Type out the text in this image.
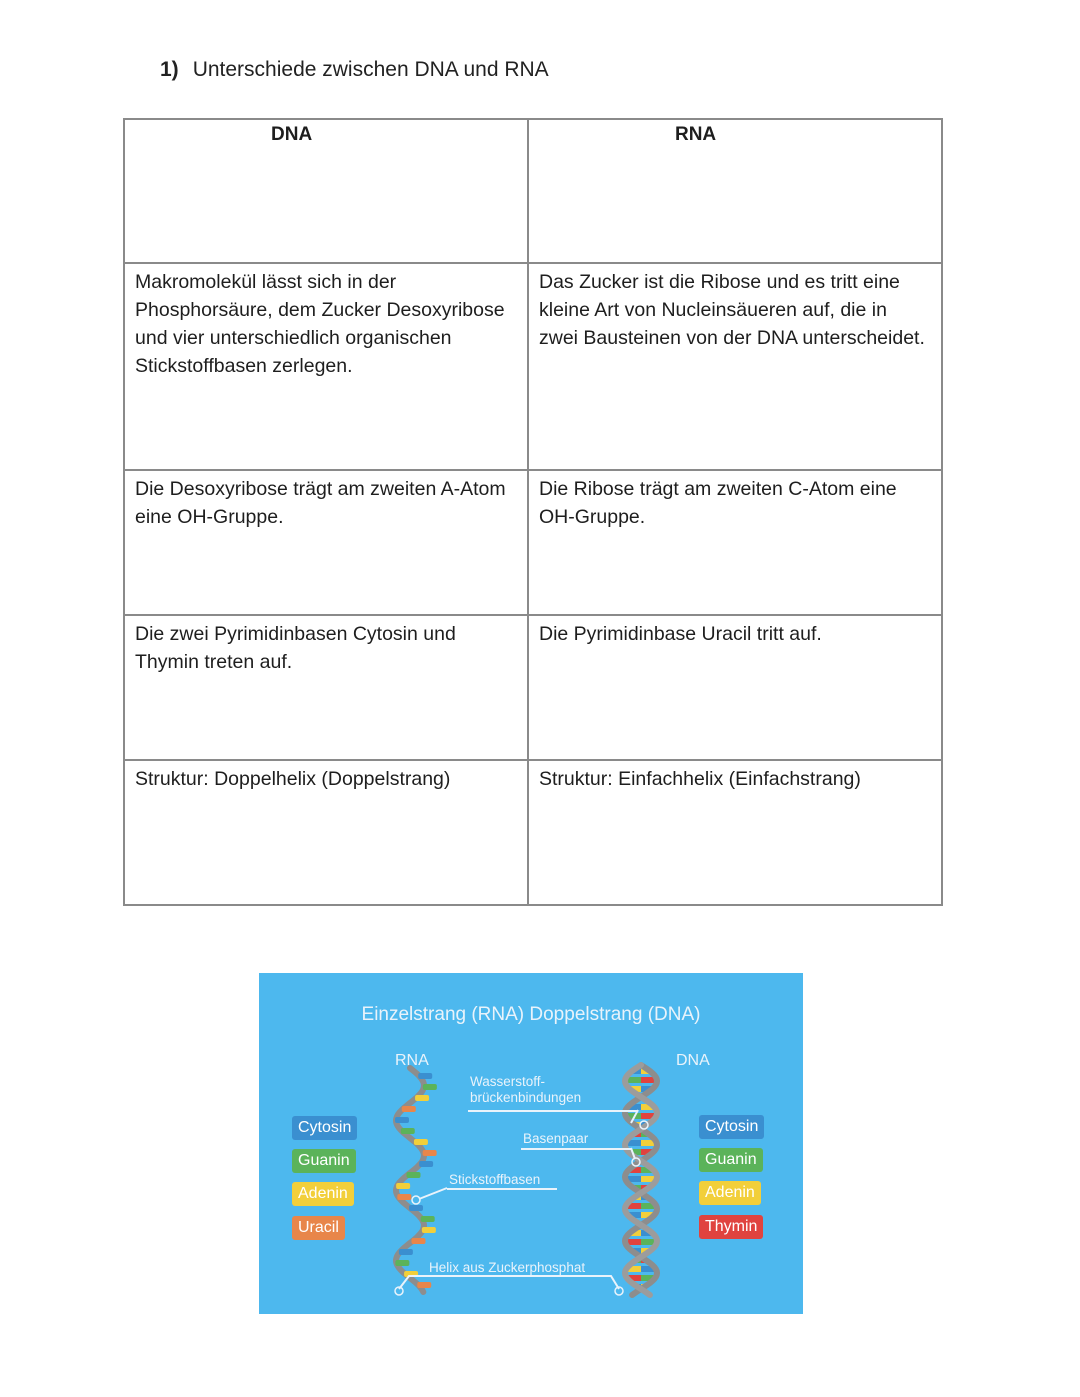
1) Unterschiede zwischen DNA und RNA
DNA	RNA

Makromolekül lässt sich in der Phosphorsäure, dem Zucker Desoxyribose und vier unterschiedlich organischen Stickstoffbasen zerlegen.	Das Zucker ist die Ribose und es tritt eine kleine Art von Nucleinsäueren auf, die in zwei Bausteinen von der DNA unterscheidet.

Die Desoxyribose trägt am zweiten A-Atom eine OH-Gruppe.	Die Ribose trägt am zweiten C-Atom eine OH-Gruppe.

Die zwei Pyrimidinbasen Cytosin und Thymin treten auf.	Die Pyrimidinbase Uracil tritt auf.

Struktur: Doppelhelix (Doppelstrang)	Struktur: Einfachhelix (Einfachstrang)
Einzelstrang (RNA) Doppelstrang (DNA)
RNA	DNA
Wasserstoff-
brückenbindungen
Basenpaar
Stickstoffbasen
Helix aus Zuckerphosphat
Cytosin
Guanin
Adenin
Uracil
Cytosin
Guanin
Adenin
Thymin
